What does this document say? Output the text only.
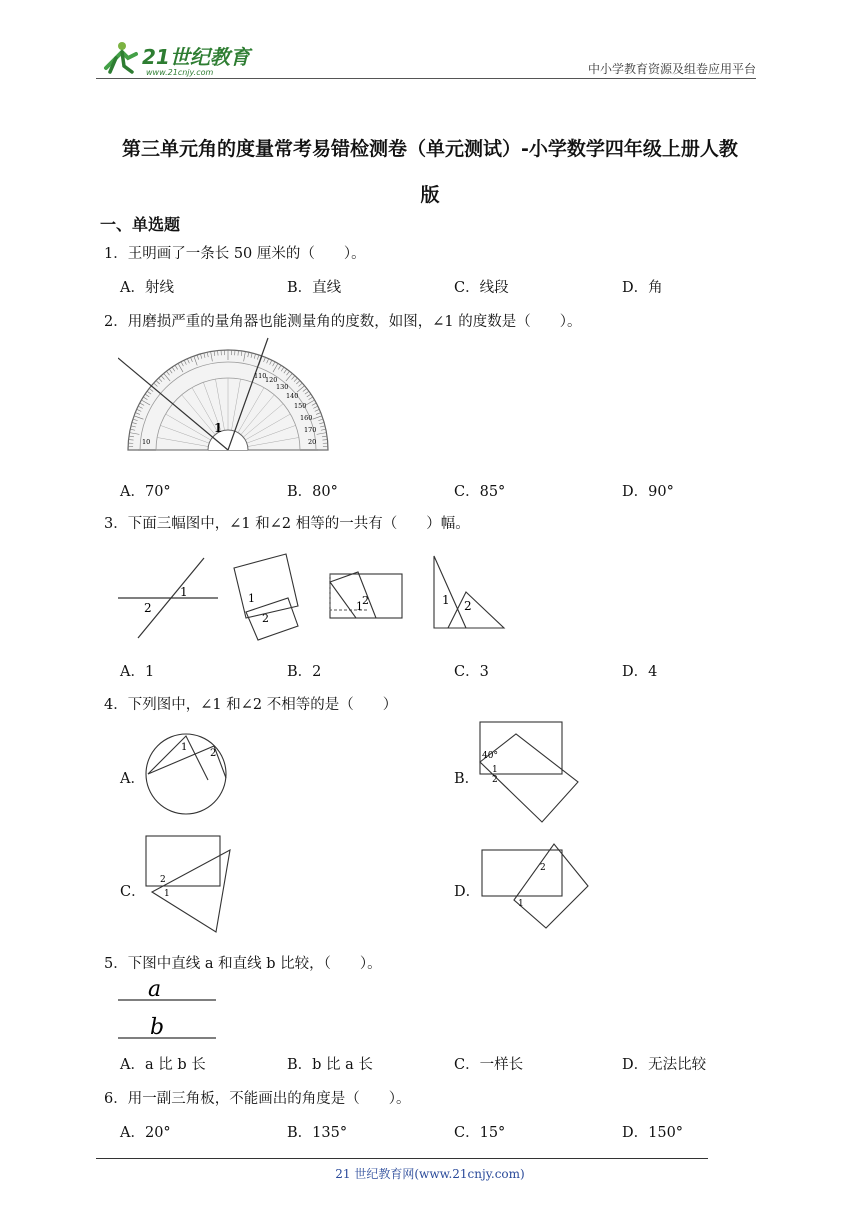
21世纪教育
www.21cnjy.com	中小学教育资源及组卷应用平台
第三单元角的度量常考易错检测卷（单元测试）-小学数学四年级上册人教
版
一、单选题
1．王明画了一条长 50 厘米的（　　）。
A．射线	B．直线	C．线段	D．角
2．用磨损严重的量角器也能测量角的度数，如图，∠1 的度数是（　　）。
1
110
120
130
140
150
160
170
20
10
A．70°	B．80°	C．85°	D．90°
3．下面三幅图中，∠1 和∠2 相等的一共有（　　）幅。
1
2
1
2
1 2	1 2
A．1	B．2	C．3	D．4
4．下列图中，∠1 和∠2 不相等的是（　　）
A．
1
2
B．
40°
1
2
C．
2
1	D．
2
1
5．下图中直线 a 和直线 b 比较，（　　）。
a
b
A．a 比 b 长	B．b 比 a 长	C．一样长	D．无法比较
6．用一副三角板，不能画出的角度是（　　）。
A．20°	B．135°	C．15°	D．150°
21 世纪教育网(www.21cnjy.com)
